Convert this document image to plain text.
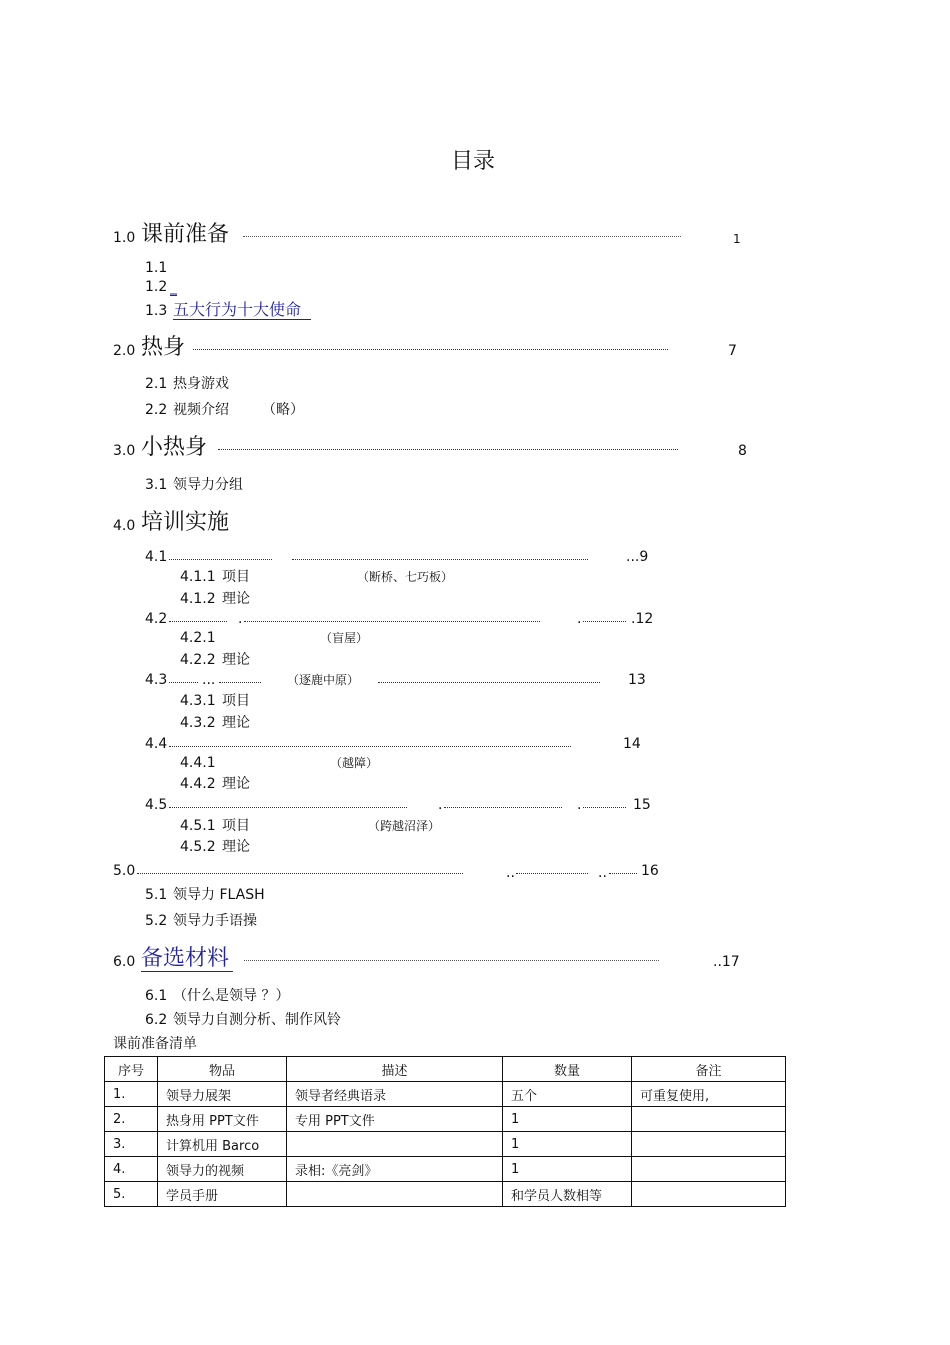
目录
1.0 课前准备	1
1.1
1.2 _
1.3 五大行为十大使命
2.0 热身	7
2.1 热身游戏
2.2 视频介绍 （略）
3.0 小热身	8
3.1 领导力分组
4.0 培训实施
4.1	...9
4.1.1 项目	（断桥、七巧板）
4.1.2 理论
4.2	.	.	.12
4.2.1	（盲屋）
4.2.2 理论
4.3 ...	（逐鹿中原）	13
4.3.1 项目
4.3.2 理论
4.4	14
4.4.1	（越障）
4.4.2 理论
4.5	.	.	15
4.5.1 项目	（跨越沼泽）
4.5.2 理论
5.0	..	.. 16
5.1 领导力 FLASH
5.2 领导力手语操
6.0 备选材料	..17
6.1 （什么是领导 ？）
6.2 领导力自测分析、制作风铃
课前准备清单
序号	物品	描述	数量	备注
1.	领导力展架	领导者经典语录	五个	可重复使用,
2.	热身用 PPT文件	专用 PPT文件	1	
3.	计算机用 Barco		1	
4.	领导力的视频	录相:《亮剑》	1	
5.	学员手册		和学员人数相等	
